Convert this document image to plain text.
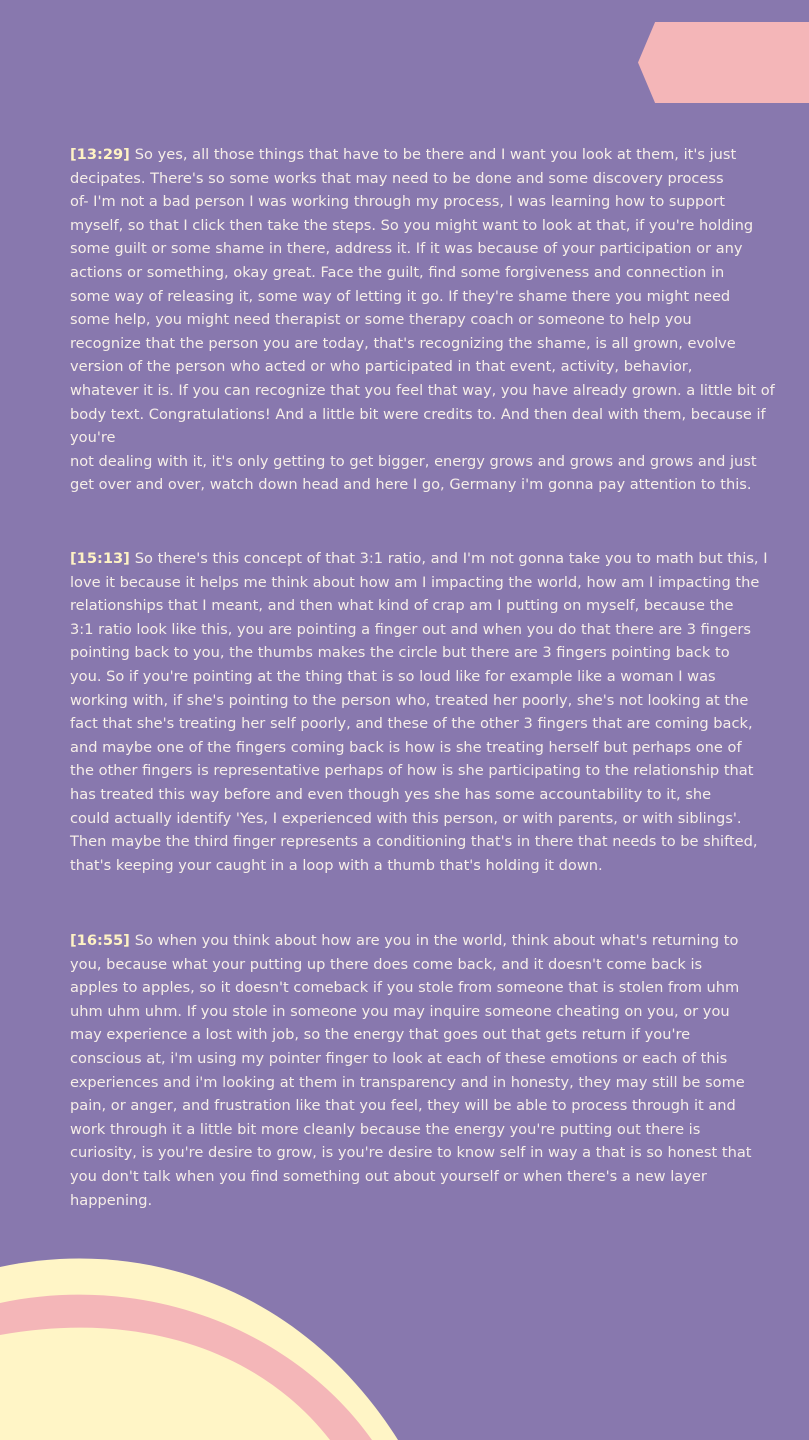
[13:29] So yes, all those things that have to be there and I want you look at them, it's just
decipates. There's so some works that may need to be done and some discovery process
of- I'm not a bad person I was working through my process, I was learning how to support
myself, so that I click then take the steps. So you might want to look at that, if you're holding
some guilt or some shame in there, address it. If it was because of your participation or any
actions or something, okay great. Face the guilt, find some forgiveness and connection in
some way of releasing it, some way of letting it go. If they're shame there you might need
some help, you might need therapist or some therapy coach or someone to help you
recognize that the person you are today, that's recognizing the shame, is all grown, evolve
version of the person who acted or who participated in that event, activity, behavior,
whatever it is. If you can recognize that you feel that way, you have already grown. a little bit of
body text. Congratulations! And a little bit were credits to. And then deal with them, because if
you're
not dealing with it, it's only getting to get bigger, energy grows and grows and grows and just
get over and over, watch down head and here I go, Germany i'm gonna pay attention to this.
[15:13] So there's this concept of that 3:1 ratio, and I'm not gonna take you to math but this, I
love it because it helps me think about how am I impacting the world, how am I impacting the
relationships that I meant, and then what kind of crap am I putting on myself, because the
3:1 ratio look like this, you are pointing a finger out and when you do that there are 3 fingers
pointing back to you, the thumbs makes the circle but there are 3 fingers pointing back to
you. So if you're pointing at the thing that is so loud like for example like a woman I was
working with, if she's pointing to the person who, treated her poorly, she's not looking at the
fact that she's treating her self poorly, and these of the other 3 fingers that are coming back,
and maybe one of the fingers coming back is how is she treating herself but perhaps one of
the other fingers is representative perhaps of how is she participating to the relationship that
has treated this way before and even though yes she has some accountability to it, she
could actually identify 'Yes, I experienced with this person, or with parents, or with siblings'.
Then maybe the third finger represents a conditioning that's in there that needs to be shifted,
that's keeping your caught in a loop with a thumb that's holding it down.
[16:55] So when you think about how are you in the world, think about what's returning to
you, because what your putting up there does come back, and it doesn't come back is
apples to apples, so it doesn't comeback if you stole from someone that is stolen from uhm
uhm uhm uhm. If you stole in someone you may inquire someone cheating on you, or you
may experience a lost with job, so the energy that goes out that gets return if you're
conscious at, i'm using my pointer finger to look at each of these emotions or each of this
experiences and i'm looking at them in transparency and in honesty, they may still be some
pain, or anger, and frustration like that you feel, they will be able to process through it and
work through it a little bit more cleanly because the energy you're putting out there is
curiosity, is you're desire to grow, is you're desire to know self in way a that is so honest that
you don't talk when you find something out about yourself or when there's a new layer
happening.
